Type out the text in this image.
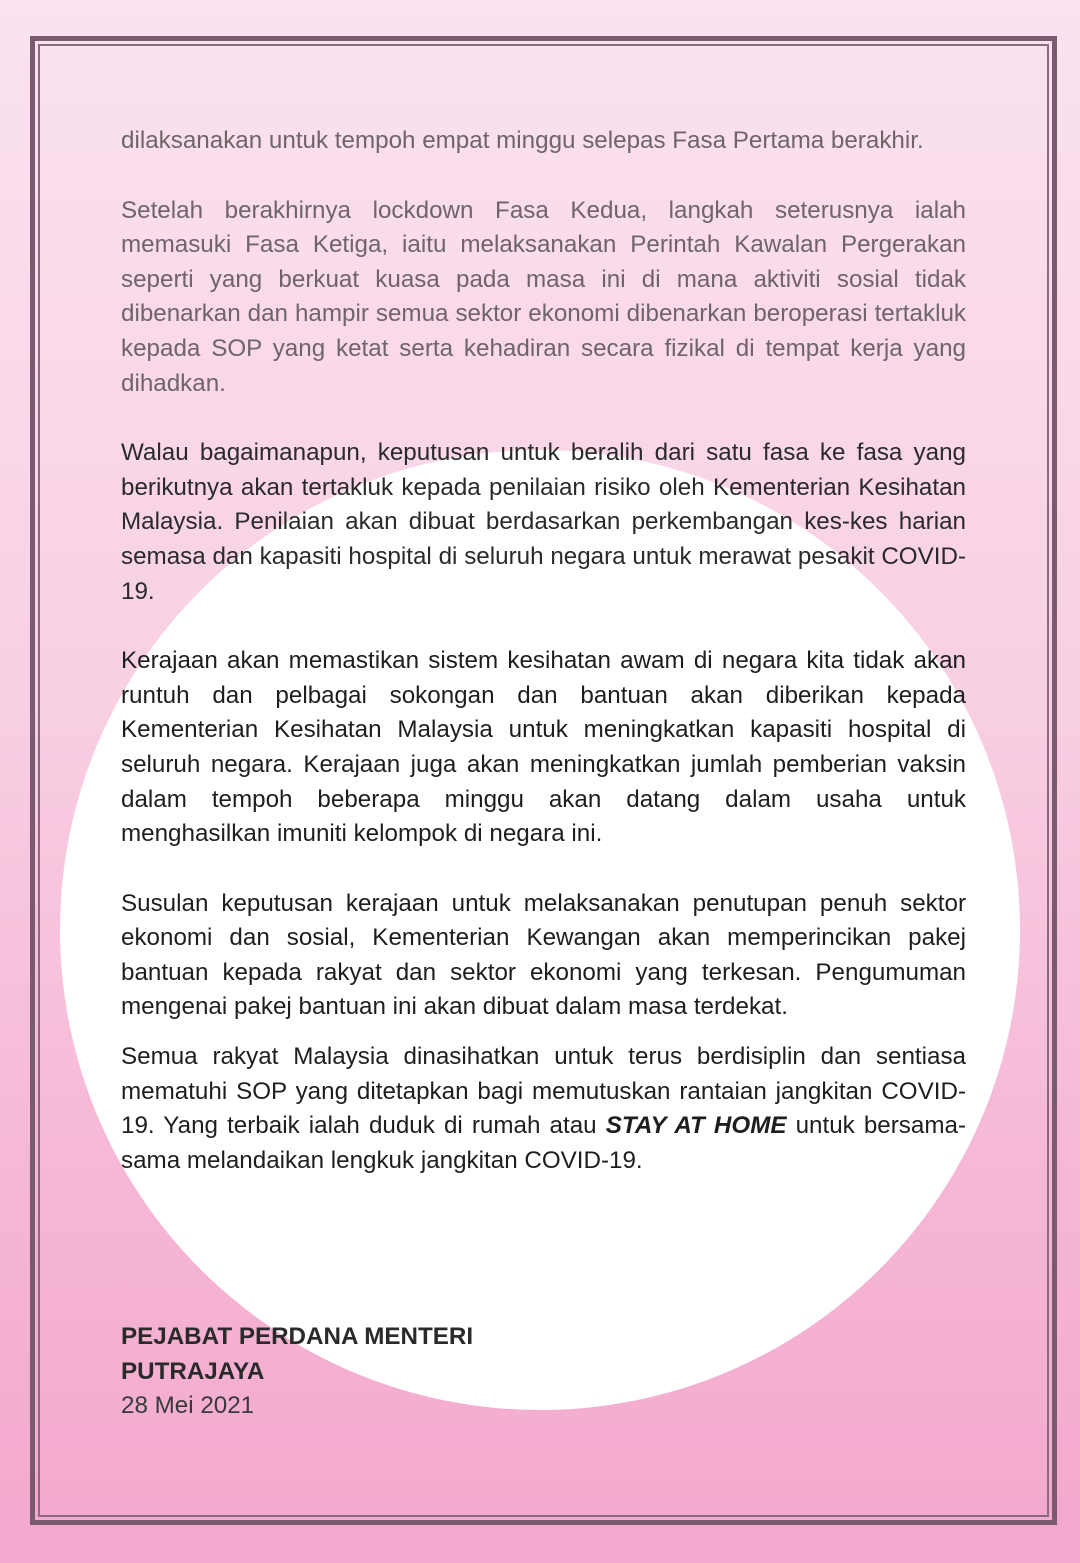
dilaksanakan untuk tempoh empat minggu selepas Fasa Pertama berakhir.

Setelah berakhirnya lockdown Fasa Kedua, langkah seterusnya ialah memasuki Fasa Ketiga, iaitu melaksanakan Perintah Kawalan Pergerakan seperti yang berkuat kuasa pada masa ini di mana aktiviti sosial tidak dibenarkan dan hampir semua sektor ekonomi dibenarkan beroperasi tertakluk kepada SOP yang ketat serta kehadiran secara fizikal di tempat kerja yang dihadkan.

Walau bagaimanapun, keputusan untuk beralih dari satu fasa ke fasa yang berikutnya akan tertakluk kepada penilaian risiko oleh Kementerian Kesihatan Malaysia. Penilaian akan dibuat berdasarkan perkembangan kes-kes harian semasa dan kapasiti hospital di seluruh negara untuk merawat pesakit COVID-19.

Kerajaan akan memastikan sistem kesihatan awam di negara kita tidak akan runtuh dan pelbagai sokongan dan bantuan akan diberikan kepada Kementerian Kesihatan Malaysia untuk meningkatkan kapasiti hospital di seluruh negara. Kerajaan juga akan meningkatkan jumlah pemberian vaksin dalam tempoh beberapa minggu akan datang dalam usaha untuk menghasilkan imuniti kelompok di negara ini.

Susulan keputusan kerajaan untuk melaksanakan penutupan penuh sektor ekonomi dan sosial, Kementerian Kewangan akan memperincikan pakej bantuan kepada rakyat dan sektor ekonomi yang terkesan. Pengumuman mengenai pakej bantuan ini akan dibuat dalam masa terdekat.

Semua rakyat Malaysia dinasihatkan untuk terus berdisiplin dan sentiasa mematuhi SOP yang ditetapkan bagi memutuskan rantaian jangkitan COVID-19. Yang terbaik ialah duduk di rumah atau STAY AT HOME untuk bersama-sama melandaikan lengkuk jangkitan COVID-19.

PEJABAT PERDANA MENTERI
PUTRAJAYA
28 Mei 2021
